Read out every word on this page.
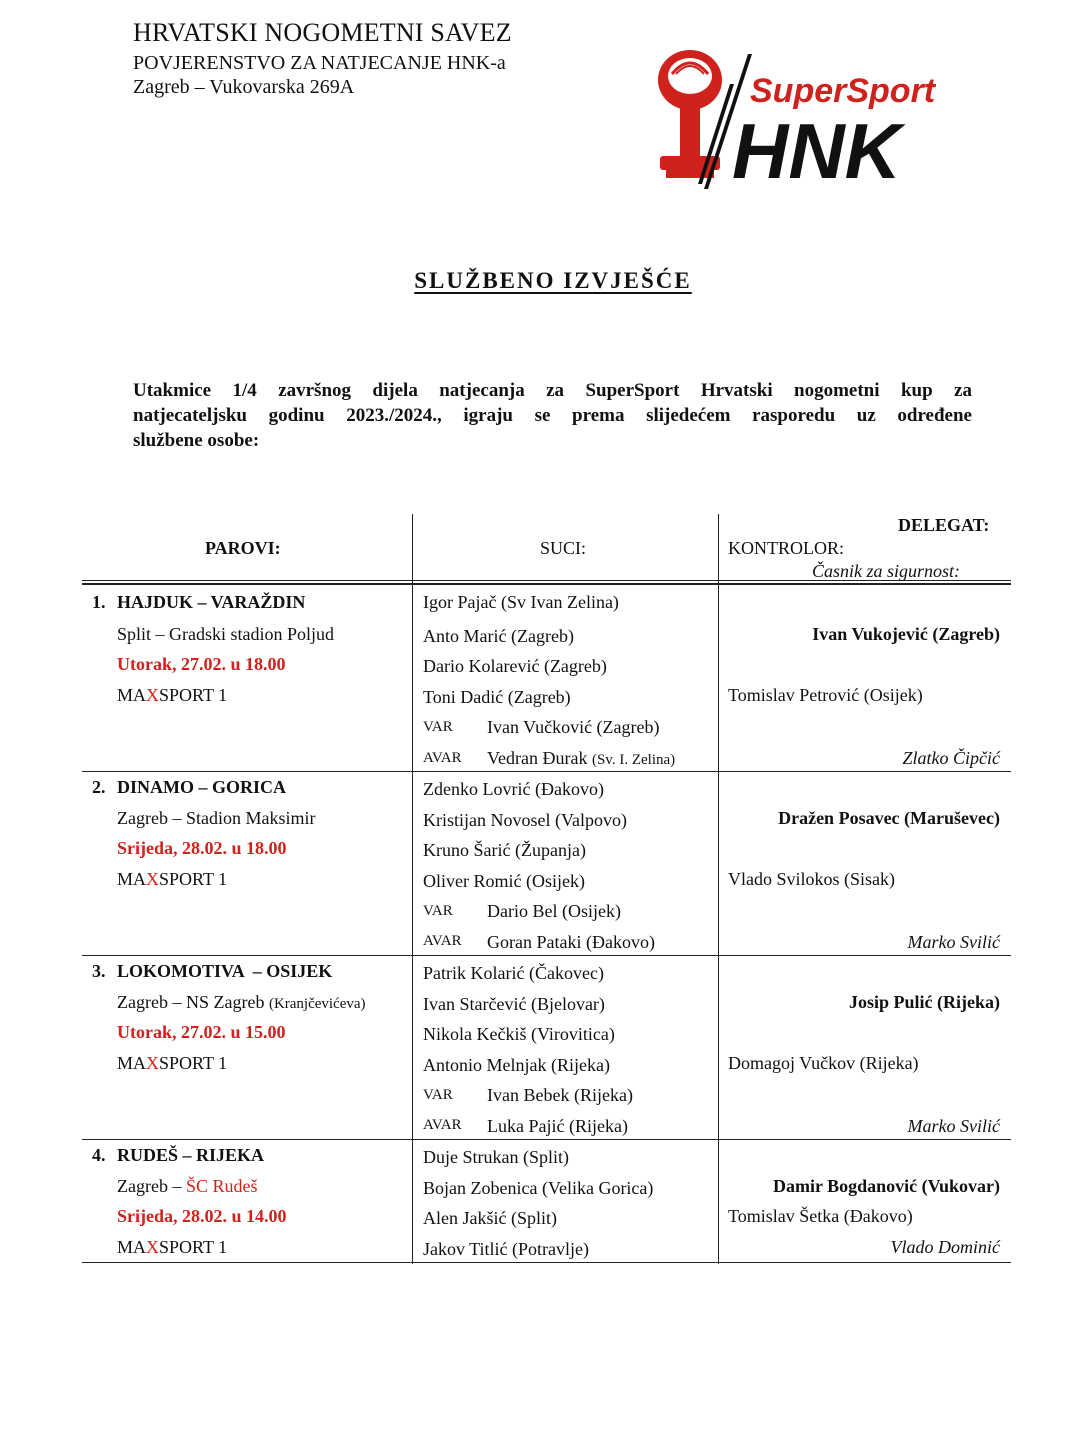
HRVATSKI NOGOMETNI SAVEZ
POVJERENSTVO ZA NATJECANJE HNK-a
Zagreb – Vukovarska 269A	SuperSport
HNK
SLUŽBENO IZVJEŠĆE
Utakmice 1/4 završnog dijela natjecanja za SuperSport Hrvatski nogometni kup za
natjecateljsku godinu 2023./2024., igraju se prema slijedećem rasporedu uz određene
službene osobe:
PAROVI:	SUCI:
DELEGAT:
KONTROLOR:
Časnik za sigurnost:
1. HAJDUK – VARAŽDIN
Split – Gradski stadion Poljud
Utorak, 27.02. u 18.00
MAXSPORT 1
Igor Pajač (Sv Ivan Zelina)
Anto Marić (Zagreb)
Dario Kolarević (Zagreb)
Toni Dadić (Zagreb)
VAR Ivan Vučković (Zagreb)
AVAR Vedran Đurak (Sv. I. Zelina)
Ivan Vukojević (Zagreb)
Tomislav Petrović (Osijek)
Zlatko Čipčić
2. DINAMO – GORICA
Zagreb – Stadion Maksimir
Srijeda, 28.02. u 18.00
MAXSPORT 1
Zdenko Lovrić (Đakovo)
Kristijan Novosel (Valpovo)
Kruno Šarić (Županja)
Oliver Romić (Osijek)
VAR Dario Bel (Osijek)
AVAR Goran Pataki (Đakovo)
Dražen Posavec (Maruševec)
Vlado Svilokos (Sisak)
Marko Svilić
3. LOKOMOTIVA  – OSIJEK
Zagreb – NS Zagreb (Kranjčevićeva)
Utorak, 27.02. u 15.00
MAXSPORT 1
Patrik Kolarić (Čakovec)
Ivan Starčević (Bjelovar)
Nikola Kečkiš (Virovitica)
Antonio Melnjak (Rijeka)
VAR Ivan Bebek (Rijeka)
AVAR Luka Pajić (Rijeka)
Josip Pulić (Rijeka)
Domagoj Vučkov (Rijeka)
Marko Svilić
4. RUDEŠ – RIJEKA
Zagreb – ŠC Rudeš
Srijeda, 28.02. u 14.00
MAXSPORT 1
Duje Strukan (Split)
Bojan Zobenica (Velika Gorica)
Alen Jakšić (Split)
Jakov Titlić (Potravlje)
Damir Bogdanović (Vukovar)
Tomislav Šetka (Đakovo)
Vlado Dominić
